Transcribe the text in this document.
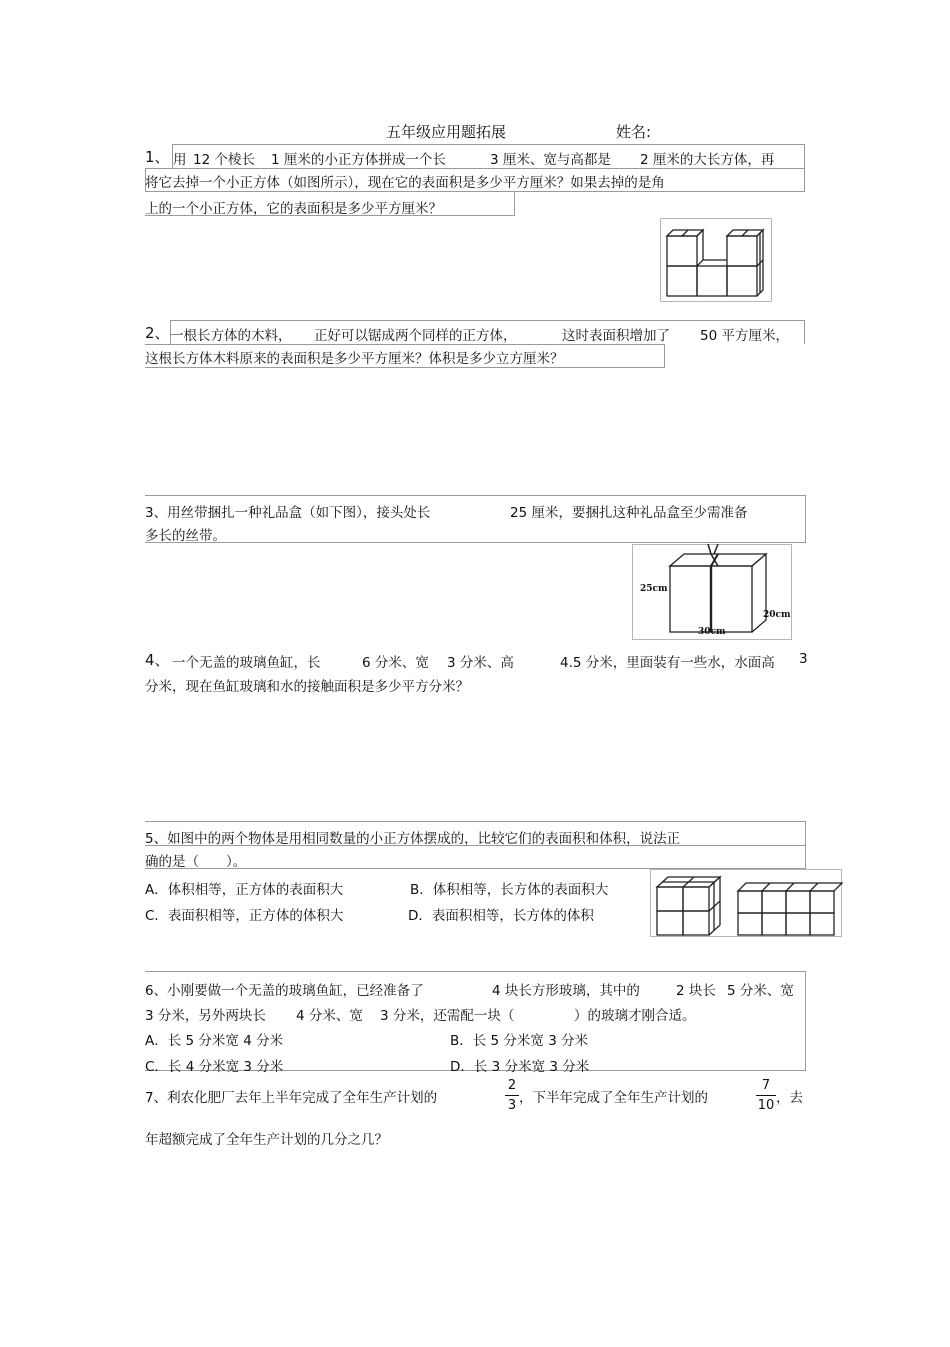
五年级应用题拓展	姓名:
1、 用 12 个棱长 1 厘米的小正方体拼成一个长	3 厘米、宽与高都是 2 厘米的大长方体，再
将它去掉一个小正方体（如图所示），现在它的表面积是多少平方厘米？如果去掉的是角
上的一个小正方体，它的表面积是多少平方厘米？
2、 一根长方体的木料， 正好可以锯成两个同样的正方体，	这时表面积增加了 50 平方厘米，
这根长方体木料原来的表面积是多少平方厘米？体积是多少立方厘米？
3、用丝带捆扎一种礼品盒（如下图），接头处长	25 厘米，要捆扎这种礼品盒至少需准备
多长的丝带。
25cm
20cm
30cm
4、 一个无盖的玻璃鱼缸，长	6 分米、宽 3 分米、高	4.5 分米，里面装有一些水，水面高 3
分米，现在鱼缸玻璃和水的接触面积是多少平方分米？
5、如图中的两个物体是用相同数量的小正方体摆成的，比较它们的表面积和体积，说法正
确的是（　　）。
A．体积相等，正方体的表面积大	B．体积相等，长方体的表面积大
C．表面积相等，正方体的体积大	D．表面积相等，长方体的体积
6、小刚要做一个无盖的玻璃鱼缸，已经准备了	4 块长方形玻璃，其中的	2 块长 5 分米、宽
3 分米，另外两块长 4 分米、宽 3 分米，还需配一块（	）的玻璃才刚合适。
A．长 5 分米宽 4 分米	B．长 5 分米宽 3 分米
C．长 4 分米宽 3 分米	D．长 3 分米宽 3 分米
7、利农化肥厂去年上半年完成了全年生产计划的
2
3 ，下半年完成了全年生产计划的
7
10 ，去
年超额完成了全年生产计划的几分之几？
